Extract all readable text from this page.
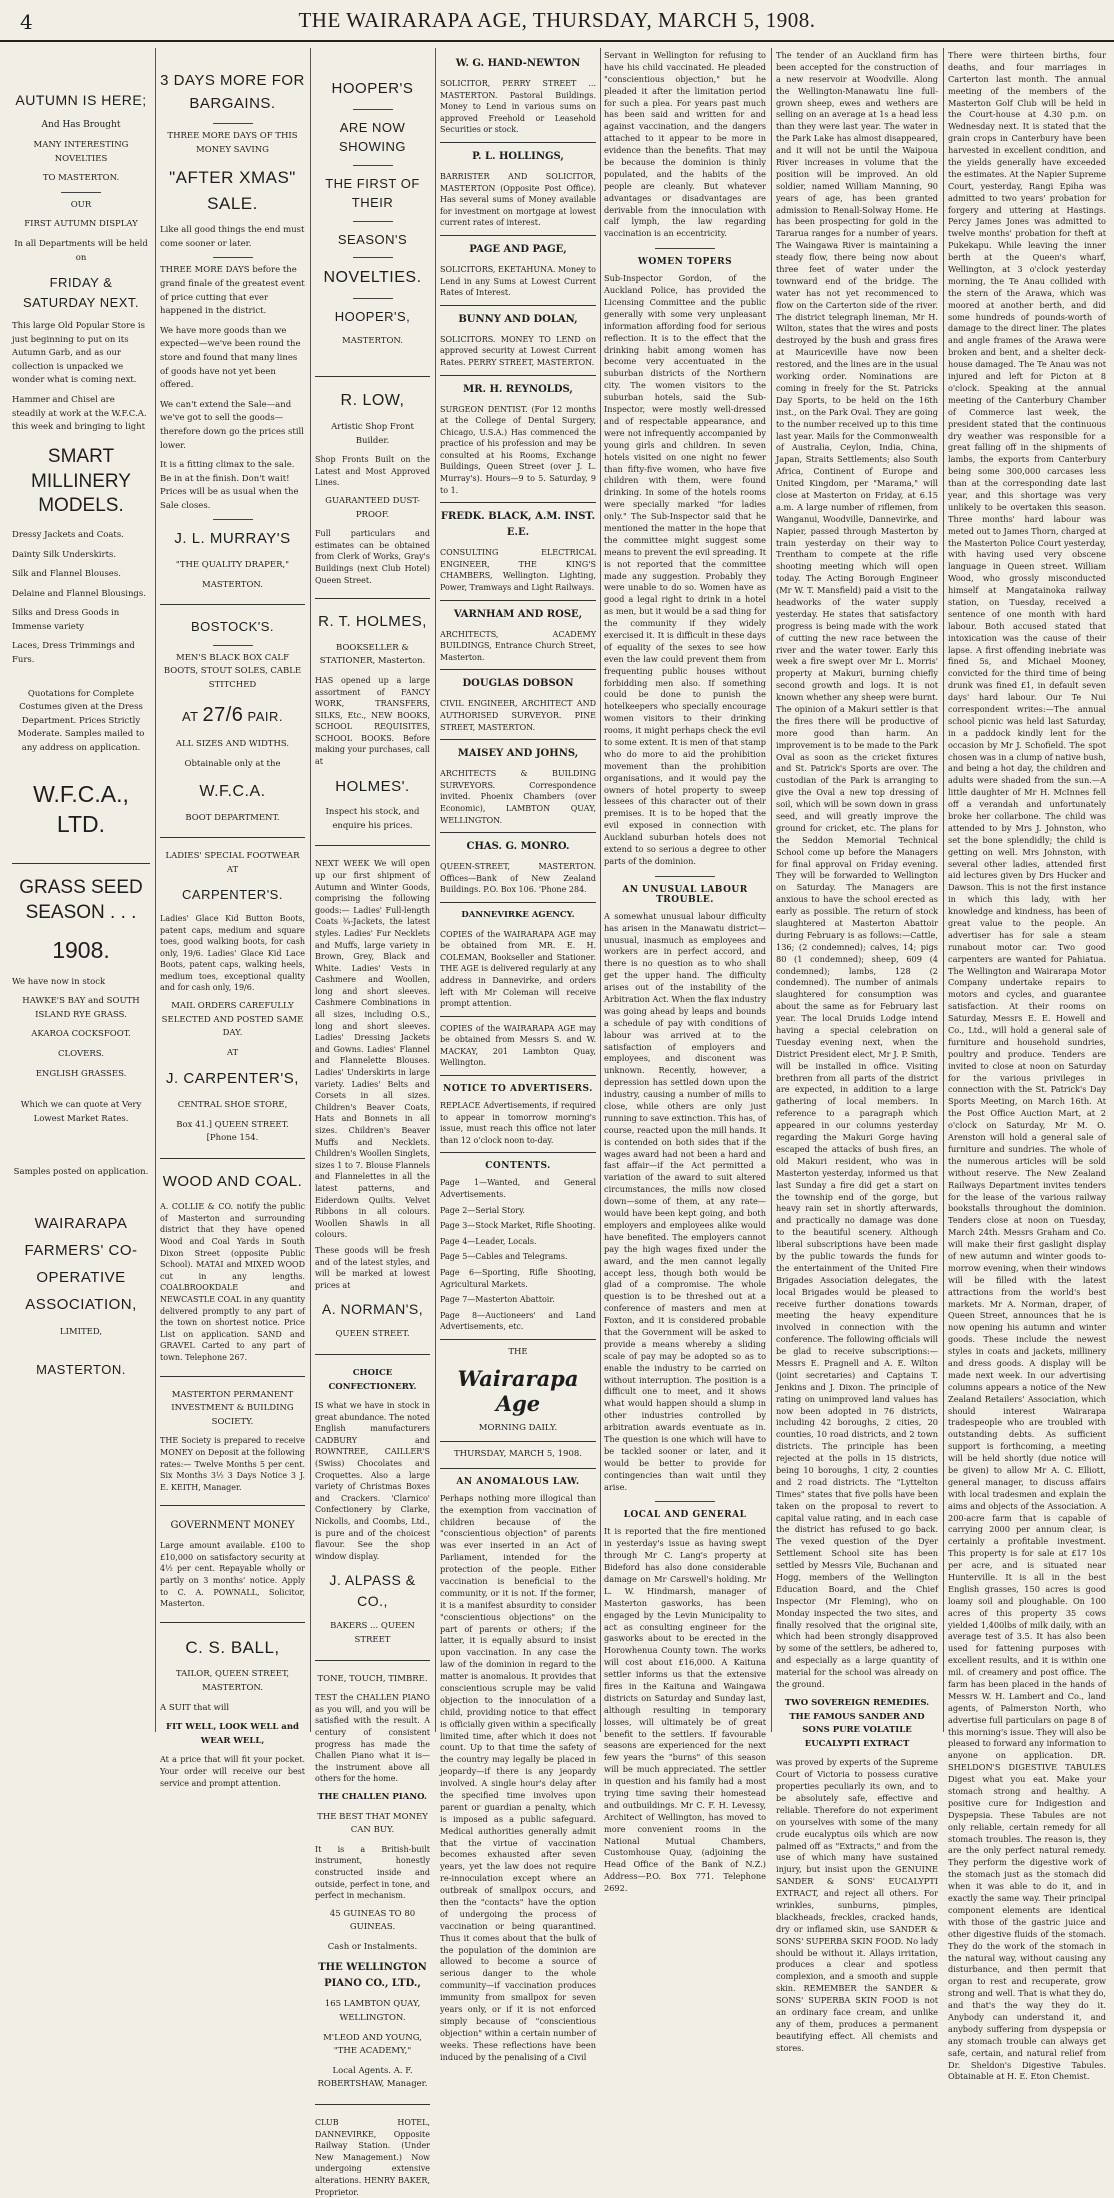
4	THE WAIRARAPA AGE, THURSDAY, MARCH 5, 1908.

AUTUMN IS HERE;

And Has Brought

MANY INTERESTING NOVELTIES

TO MASTERTON.

OUR

FIRST AUTUMN DISPLAY

In all Departments will be held on

FRIDAY & SATURDAY NEXT.

This large Old Popular Store is just beginning to put on its Autumn Garb, and as our collection is unpacked we wonder what is coming next.

Hammer and Chisel are steadily at work at the W.F.C.A. this week and bringing to light

SMART MILLINERY MODELS.

Dressy Jackets and Coats.

Dainty Silk Underskirts.

Silk and Flannel Blouses.

Delaine and Flannel Blousings.

Silks and Dress Goods in Immense variety

Laces, Dress Trimmings and Furs.

Quotations for Complete Costumes given at the Dress Department. Prices Strictly Moderate. Samples mailed to any address on application.

W.F.C.A., LTD.

GRASS SEED SEASON . . .

1908.

We have now in stock

HAWKE'S BAY and SOUTH ISLAND RYE GRASS.

AKAROA COCKSFOOT.

CLOVERS.

ENGLISH GRASSES.

Which we can quote at Very Lowest Market Rates.

Samples posted on application.

WAIRARAPA FARMERS' CO-OPERATIVE ASSOCIATION,

LIMITED,

MASTERTON.

3 DAYS MORE FOR BARGAINS.

THREE MORE DAYS OF THIS MONEY SAVING

"AFTER XMAS" SALE.

Like all good things the end must come sooner or later.

THREE MORE DAYS before the grand finale of the greatest event of price cutting that ever happened in the district.

We have more goods than we expected—we've been round the store and found that many lines of goods have not yet been offered.

We can't extend the Sale—and we've got to sell the goods—therefore down go the prices still lower.

It is a fitting climax to the sale. Be in at the finish. Don't wait! Prices will be as usual when the Sale closes.

J. L. MURRAY'S

"THE QUALITY DRAPER,"

MASTERTON.

BOSTOCK'S.

MEN'S BLACK BOX CALF BOOTS, STOUT SOLES, CABLE STITCHED

AT 27/6 PAIR.

ALL SIZES AND WIDTHS.

Obtainable only at the

W.F.C.A.

BOOT DEPARTMENT.

LADIES' SPECIAL FOOTWEAR AT

CARPENTER'S.

Ladies' Glace Kid Button Boots, patent caps, medium and square toes, good walking boots, for cash only, 19/6. Ladies' Glace Kid Lace Boots, patent caps, walking heels, medium toes, exceptional quality and for cash only, 19/6.

MAIL ORDERS CAREFULLY SELECTED AND POSTED SAME DAY.

AT

J. CARPENTER'S,

CENTRAL SHOE STORE,

Box 41.] QUEEN STREET. [Phone 154.

WOOD AND COAL.

A. COLLIE & CO. notify the public of Masterton and surrounding district that they have opened Wood and Coal Yards in South Dixon Street (opposite Public School). MATAI and MIXED WOOD cut in any lengths. COALBROOKDALE and NEWCASTLE COAL in any quantity delivered promptly to any part of the town on shortest notice. Price List on application. SAND and GRAVEL Carted to any part of town. Telephone 267.

MASTERTON PERMANENT INVESTMENT & BUILDING SOCIETY.

THE Society is prepared to receive MONEY on Deposit at the following rates:— Twelve Months 5 per cent. Six Months 3½ 3 Days Notice 3 J. E. KEITH, Manager.

GOVERNMENT MONEY

Large amount available. £100 to £10,000 on satisfactory security at 4½ per cent. Repayable wholly or partly on 3 months' notice. Apply to C. A. POWNALL, Solicitor, Masterton.

C. S. BALL,

TAILOR, QUEEN STREET, MASTERTON.

A SUIT that will

FIT WELL, LOOK WELL and WEAR WELL,

At a price that will fit your pocket. Your order will receive our best service and prompt attention.

HOOPER'S

ARE NOW SHOWING

THE FIRST OF THEIR

SEASON'S

NOVELTIES.

HOOPER'S,

MASTERTON.

R. LOW,

Artistic Shop Front Builder.

Shop Fronts Built on the Latest and Most Approved Lines.

GUARANTEED DUST-PROOF.

Full particulars and estimates can be obtained from Clerk of Works, Gray's Buildings (next Club Hotel) Queen Street.

R. T. HOLMES,

BOOKSELLER & STATIONER, Masterton.

HAS opened up a large assortment of FANCY WORK, TRANSFERS, SILKS, Etc., NEW BOOKS, SCHOOL REQUISITES, SCHOOL BOOKS. Before making your purchases, call at

HOLMES'.

Inspect his stock, and enquire his prices.

NEXT WEEK We will open up our first shipment of Autumn and Winter Goods, comprising the following goods:— Ladies' Full-length Coats ¾-Jackets, the latest styles. Ladies' Fur Necklets and Muffs, large variety in Brown, Grey, Black and White. Ladies' Vests in Cashmere and Woollen, long and short sleeves. Cashmere Combinations in all sizes, including O.S., long and short sleeves. Ladies' Dressing Jackets and Gowns. Ladies' Flannel and Flannelette Blouses. Ladies' Underskirts in large variety. Ladies' Belts and Corsets in all sizes. Children's Beaver Coats, Hats and Bonnets in all sizes. Children's Beaver Muffs and Necklets. Children's Woollen Singlets, sizes 1 to 7. Blouse Flannels and Flannelettes in all the latest patterns, and Eiderdown Quilts. Velvet Ribbons in all colours. Woollen Shawls in all colours.

These goods will be fresh and of the latest styles, and will be marked at lowest prices at

A. NORMAN'S,

QUEEN STREET.

CHOICE CONFECTIONERY.

IS what we have in stock in great abundance. The noted English manufacturers CADBURY and ROWNTREE, CAILLER'S (Swiss) Chocolates and Croquettes. Also a large variety of Christmas Boxes and Crackers. 'Clarnico' Confectionery by Clarke, Nickolls, and Coombs, Ltd., is pure and of the choicest flavour. See the shop window display.

J. ALPASS & CO.,

BAKERS ... QUEEN STREET

TONE, TOUCH, TIMBRE.

TEST the CHALLEN PIANO as you will, and you will be satisfied with the result. A century of consistent progress has made the Challen Piano what it is—the instrument above all others for the home.

THE CHALLEN PIANO.

THE BEST THAT MONEY CAN BUY.

It is a British-built instrument, honestly constructed inside and outside, perfect in tone, and perfect in mechanism.

45 GUINEAS TO 80 GUINEAS.

Cash or Instalments.

THE WELLINGTON PIANO CO., LTD.,

165 LAMBTON QUAY, WELLINGTON.

M'LEOD AND YOUNG, "THE ACADEMY,"

Local Agents. A. F. ROBERTSHAW, Manager.

CLUB HOTEL, DANNEVIRKE, Opposite Railway Station. (Under New Management.) Now undergoing extensive alterations. HENRY BAKER, Proprietor.

W. G. HAND-NEWTON

SOLICITOR, PERRY STREET ... MASTERTON. Pastoral Buildings. Money to Lend in various sums on approved Freehold or Leasehold Securities or stock.

P. L. HOLLINGS,

BARRISTER AND SOLICITOR, MASTERTON (Opposite Post Office). Has several sums of Money available for investment on mortgage at lowest current rates of interest.

PAGE AND PAGE,

SOLICITORS, EKETAHUNA. Money to Lend in any Sums at Lowest Current Rates of Interest.

BUNNY AND DOLAN,

SOLICITORS. MONEY TO LEND on approved security at Lowest Current Rates. PERRY STREET, MASTERTON.

MR. H. REYNOLDS,

SURGEON DENTIST. (For 12 months at the College of Dental Surgery, Chicago, U.S.A.) Has commenced the practice of his profession and may be consulted at his Rooms, Exchange Buildings, Queen Street (over J. L. Murray's). Hours—9 to 5. Saturday, 9 to 1.

FREDK. BLACK, A.M. INST. E.E.

CONSULTING ELECTRICAL ENGINEER, THE KING'S CHAMBERS, Wellington. Lighting, Power, Tramways and Light Railways.

VARNHAM AND ROSE,

ARCHITECTS, ACADEMY BUILDINGS, Entrance Church Street, Masterton.

DOUGLAS DOBSON

CIVIL ENGINEER, ARCHITECT AND AUTHORISED SURVEYOR. PINE STREET, MASTERTON.

MAISEY AND JOHNS,

ARCHITECTS & BUILDING SURVEYORS. Correspondence invited. Phoenix Chambers (over Economic), LAMBTON QUAY, WELLINGTON.

CHAS. G. MONRO.

QUEEN-STREET, MASTERTON. Offices—Bank of New Zealand Buildings. P.O. Box 106. 'Phone 284.

DANNEVIRKE AGENCY.

COPIES of the WAIRARAPA AGE may be obtained from MR. E. H. COLEMAN, Bookseller and Stationer. THE AGE is delivered regularly at any address in Dannevirke, and orders left with Mr Coleman will receive prompt attention.

COPIES of the WAIRARAPA AGE may be obtained from Messrs S. and W. MACKAY, 201 Lambton Quay, Wellington.

NOTICE TO ADVERTISERS.

REPLACE Advertisements, if required to appear in tomorrow morning's issue, must reach this office not later than 12 o'clock noon to-day.

CONTENTS.

Page 1—Wanted, and General Advertisements.

Page 2—Serial Story.

Page 3—Stock Market, Rifle Shooting.

Page 4—Leader, Locals.

Page 5—Cables and Telegrams.

Page 6—Sporting, Rifle Shooting, Agricultural Markets.

Page 7—Masterton Abattoir.

Page 8—Auctioneers' and Land Advertisements, etc.

THE

Wairarapa Age

MORNING DAILY.

THURSDAY, MARCH 5, 1908.

AN ANOMALOUS LAW.

Perhaps nothing more illogical than the exemption from vaccination of children because of the "conscientious objection" of parents was ever inserted in an Act of Parliament, intended for the protection of the people. Either vaccination is beneficial to the community, or it is not. If the former, it is a manifest absurdity to consider "conscientious objections" on the part of parents or others; if the latter, it is equally absurd to insist upon vaccination. In any case the law of the dominion in regard to the matter is anomalous. It provides that conscientious scruple may be valid objection to the innoculation of a child, providing notice to that effect is officially given within a specifically limited time, after which it does not count. Up to that time the safety of the country may legally be placed in jeopardy—if there is any jeopardy involved. A single hour's delay after the specified time involves upon parent or guardian a penalty, which is imposed as a public safeguard. Medical authorities generally admit that the virtue of vaccination becomes exhausted after seven years, yet the law does not require re-innoculation except where an outbreak of smallpox occurs, and then the "contacts" have the option of undergoing the process of vaccination or being quarantined. Thus it comes about that the bulk of the population of the dominion are allowed to become a source of serious danger to the whole community—if vaccination produces immunity from smallpox for seven years only, or if it is not enforced simply because of "conscientious objection" within a certain number of weeks. These reflections have been induced by the penalising of a Civil

Servant in Wellington for refusing to have his child vaccinated. He pleaded "conscientious objection," but he pleaded it after the limitation period for such a plea. For years past much has been said and written for and against vaccination, and the dangers attached to it appear to be more in evidence than the benefits. That may be because the dominion is thinly populated, and the habits of the people are cleanly. But whatever advantages or disadvantages are derivable from the innoculation with calf lymph, the law regarding vaccination is an eccentricity.

WOMEN TOPERS

Sub-Inspector Gordon, of the Auckland Police, has provided the Licensing Committee and the public generally with some very unpleasant information affording food for serious reflection. It is to the effect that the drinking habit among women has become very accentuated in the suburban districts of the Northern city. The women visitors to the suburban hotels, said the Sub-Inspector, were mostly well-dressed and of respectable appearance, and were not infrequently accompanied by young girls and children. In seven hotels visited on one night no fewer than fifty-five women, who have five children with them, were found drinking. In some of the hotels rooms were specially marked "for ladies only." The Sub-Inspector said that he mentioned the matter in the hope that the committee might suggest some means to prevent the evil spreading. It is not reported that the committee made any suggestion. Probably they were unable to do so. Women have as good a legal right to drink in a hotel as men, but it would be a sad thing for the community if they widely exercised it. It is difficult in these days of equality of the sexes to see how even the law could prevent them from frequenting public houses without forbidding men also. If something could be done to punish the hotelkeepers who specially encourage women visitors to their drinking rooms, it might perhaps check the evil to some extent. It is men of that stamp who do more to aid the prohibition movement than the prohibition organisations, and it would pay the owners of hotel property to sweep lessees of this character out of their premises. It is to be hoped that the evil exposed in connection with Auckland suburban hotels does not extend to so serious a degree to other parts of the dominion.

AN UNUSUAL LABOUR TROUBLE.

A somewhat unusual labour difficulty has arisen in the Manawatu district—unusual, inasmuch as employees and workers are in perfect accord, and there is no question as to who shall get the upper hand. The difficulty arises out of the instability of the Arbitration Act. When the flax industry was going ahead by leaps and bounds a schedule of pay with conditions of labour was arrived at to the satisfaction of employers and employees, and disconent was unknown. Recently, however, a depression has settled down upon the industry, causing a number of mills to close, while others are only just running to save extinction. This has, of course, reacted upon the mill hands. It is contended on both sides that if the wages award had not been a hard and fast affair—if the Act permitted a variation of the award to suit altered circumstances, the mills now closed down—some of them, at any rate—would have been kept going, and both employers and employees alike would have benefited. The employers cannot pay the high wages fixed under the award, and the men cannot legally accept less, though both would be glad of a compromise. The whole question is to be threshed out at a conference of masters and men at Foxton, and it is considered probable that the Government will be asked to provide a means whereby a sliding scale of pay may be adopted so as to enable the industry to be carried on without interruption. The position is a difficult one to meet, and it shows what would happen should a slump in other industries controlled by arbitration awards eventuate as in. The question is one which will have to be tackled sooner or later, and it would be better to provide for contingencies than wait until they arise.

LOCAL AND GENERAL

It is reported that the fire mentioned in yesterday's issue as having swept through Mr C. Lang's property at Bideford has also done considerable damage on Mr Carswell's holding. Mr L. W. Hindmarsh, manager of Masterton gasworks, has been engaged by the Levin Municipality to act as consulting engineer for the gasworks about to be erected in the Horowhenua County town. The works will cost about £16,000. A Kaituna settler informs us that the extensive fires in the Kaituna and Waingawa districts on Saturday and Sunday last, although resulting in temporary losses, will ultimately be of great benefit to the settlers. If favourable seasons are experienced for the next few years the "burns" of this season will be much appreciated. The settler in question and his family had a most trying time saving their homestead and outbuildings. Mr C. F. H. Levessy, Architect of Wellington, has moved to more convenient rooms in the National Mutual Chambers, Customhouse Quay, (adjoining the Head Office of the Bank of N.Z.) Address—P.O. Box 771. Telephone 2692.

The tender of an Auckland firm has been accepted for the construction of a new reservoir at Woodville. Along the Wellington-Manawatu line full-grown sheep, ewes and wethers are selling on an average at 1s a head less than they were last year. The water in the Park Lake has almost disappeared, and it will not be until the Waipoua River increases in volume that the position will be improved. An old soldier, named William Manning, 90 years of age, has been granted admission to Renall-Solway Home. He has been prospecting for gold in the Tararua ranges for a number of years. The Waingawa River is maintaining a steady flow, there being now about three feet of water under the townward end of the bridge. The water has not yet recommenced to flow on the Carterton side of the river. The district telegraph lineman, Mr H. Wilton, states that the wires and posts destroyed by the bush and grass fires at Mauriceville have now been restored, and the lines are in the usual working order. Nominations are coming in freely for the St. Patricks Day Sports, to be held on the 16th inst., on the Park Oval. They are going to the number received up to this time last year. Mails for the Commonwealth of Australia, Ceylon, India, China, Japan, Straits Settlements; also South Africa, Continent of Europe and United Kingdom, per "Marama," will close at Masterton on Friday, at 6.15 a.m. A large number of riflemen, from Wanganui, Woodville, Dannevirke, and Napier, passed through Masterton by train yesterday on their way to Trentham to compete at the rifle shooting meeting which will open today. The Acting Borough Engineer (Mr W. T. Mansfield) paid a visit to the headworks of the water supply yesterday. He states that satisfactory progress is being made with the work of cutting the new race between the river and the water tower. Early this week a fire swept over Mr L. Morris' property at Makuri, burning chiefly second growth and logs. It is not known whether any sheep were burnt. The opinion of a Makuri settler is that the fires there will be productive of more good than harm. An improvement is to be made to the Park Oval as soon as the cricket fixtures and St. Patrick's Sports are over. The custodian of the Park is arranging to give the Oval a new top dressing of soil, which will be sown down in grass seed, and will greatly improve the ground for cricket, etc. The plans for the Seddon Memorial Technical School come up before the Managers for final approval on Friday evening. They will be forwarded to Wellington on Saturday. The Managers are anxious to have the school erected as early as possible. The return of stock slaughtered at Masterton Abattoir during February is as follows:—Cattle, 136; (2 condemned); calves, 14; pigs 80 (1 condemned); sheep, 609 (4 condemned); lambs, 128 (2 condemned). The number of animals slaughtered for consumption was about the same as for February last year. The local Druids Lodge intend having a special celebration on Tuesday evening next, when the District President elect, Mr J. P. Smith, will be installed in office. Visiting brethren from all parts of the district are expected, in addition to a large gathering of local members. In reference to a paragraph which appeared in our columns yesterday regarding the Makuri Gorge having escaped the attacks of bush fires, an old Makuri resident, who was in Masterton yesterday, informed us that last Sunday a fire did get a start on the township end of the gorge, but heavy rain set in shortly afterwards, and practically no damage was done to the beautiful scenery. Although liberal subscriptions have been made by the public towards the funds for the entertainment of the United Fire Brigades Association delegates, the local Brigades would be pleased to receive further donations towards meeting the heavy expenditure involved in connection with the conference. The following officials will be glad to receive subscriptions:—Messrs E. Pragnell and A. E. Wilton (joint secretaries) and Captains T. Jenkins and J. Dixon. The principle of rating on unimproved land values has now been adopted in 76 districts, including 42 boroughs, 2 cities, 20 counties, 10 road districts, and 2 town districts. The principle has been rejected at the polls in 15 districts, being 10 boroughs, 1 city, 2 counties and 2 road districts. The "Lyttelton Times" states that five polls have been taken on the proposal to revert to capital value rating, and in each case the district has refused to go back. The vexed question of the Dyer Settlement School site has been settled by Messrs Vile, Buchanan and Hogg, members of the Wellington Education Board, and the Chief Inspector (Mr Fleming), who on Monday inspected the two sites, and finally resolved that the original site, which had been strongly disapproved by some of the settlers, be adhered to, and especially as a large quantity of material for the school was already on the ground.

TWO SOVEREIGN REMEDIES. THE FAMOUS SANDER AND SONS PURE VOLATILE EUCALYPTI EXTRACT

was proved by experts of the Supreme Court of Victoria to possess curative properties peculiarly its own, and to be absolutely safe, effective and reliable. Therefore do not experiment on yourselves with some of the many crude eucalyptus oils which are now palmed off as "Extracts," and from the use of which many have sustained injury, but insist upon the GENUINE SANDER & SONS' EUCALYPTI EXTRACT, and reject all others. For wrinkles, sunburns, pimples, blackheads, freckles, cracked hands, dry or inflamed skin, use SANDER & SONS' SUPERBA SKIN FOOD. No lady should be without it. Allays irritation, produces a clear and spotless complexion, and a smooth and supple skin. REMEMBER the SANDER & SONS' SUPERBA SKIN FOOD is not an ordinary face cream, and unlike any of them, produces a permanent beautifying effect. All chemists and stores.

There were thirteen births, four deaths, and four marriages in Carterton last month. The annual meeting of the members of the Masterton Golf Club will be held in the Court-house at 4.30 p.m. on Wednesday next. It is stated that the grain crops in Canterbury have been harvested in excellent condition, and the yields generally have exceeded the estimates. At the Napier Supreme Court, yesterday, Rangi Epiha was admitted to two years' probation for forgery and uttering at Hastings. Percy James Jones was admitted to twelve months' probation for theft at Pukekapu. While leaving the inner berth at the Queen's wharf, Wellington, at 3 o'clock yesterday morning, the Te Anau collided with the stern of the Arawa, which was moored at another berth, and did some hundreds of pounds-worth of damage to the direct liner. The plates and angle frames of the Arawa were broken and bent, and a shelter deck-house damaged. The Te Anau was not injured and left for Picton at 8 o'clock. Speaking at the annual meeting of the Canterbury Chamber of Commerce last week, the president stated that the continuous dry weather was responsible for a great falling off in the shipments of lambs, the exports from Canterbury being some 300,000 carcases less than at the corresponding date last year, and this shortage was very unlikely to be overtaken this season. Three months' hard labour was meted out to James Thorn, charged at the Masterton Police Court yesterday, with having used very obscene language in Queen street. William Wood, who grossly misconducted himself at Mangatainoka railway station, on Tuesday, received a sentence of one month with hard labour. Both accused stated that intoxication was the cause of their lapse. A first offending inebriate was fined 5s, and Michael Mooney, convicted for the third time of being drunk was fined £1, in default seven days' hard labour. Our Te Nui correspondent writes:—The annual school picnic was held last Saturday, in a paddock kindly lent for the occasion by Mr J. Schofield. The spot chosen was in a clump of native bush, and being a hot day, the children and adults were shaded from the sun.—A little daughter of Mr H. McInnes fell off a verandah and unfortunately broke her collarbone. The child was attended to by Mrs J. Johnston, who set the bone splendidly; the child is getting on well. Mrs Johnston, with several other ladies, attended first aid lectures given by Drs Hucker and Dawson. This is not the first instance in which this lady, with her knowledge and kindness, has been of great value to the people. An advertiser has for sale a steam runabout motor car. Two good carpenters are wanted for Pahiatua. The Wellington and Wairarapa Motor Company undertake repairs to motors and cycles, and guarantee satisfaction. At their rooms on Saturday, Messrs E. E. Howell and Co., Ltd., will hold a general sale of furniture and household sundries, poultry and produce. Tenders are invited to close at noon on Saturday for the various privileges in connection with the St. Patrick's Day Sports Meeting, on March 16th. At the Post Office Auction Mart, at 2 o'clock on Saturday, Mr M. O. Arenston will hold a general sale of furniture and sundries. The whole of the numerous articles will be sold without reserve. The New Zealand Railways Department invites tenders for the lease of the various railway bookstalls throughout the dominion. Tenders close at noon on Tuesday, March 24th. Messrs Graham and Co. will make their first gaslight display of new autumn and winter goods to-morrow evening, when their windows will be filled with the latest attractions from the world's best markets. Mr A. Norman, draper, of Queen Street, announces that he is now opening his autumn and winter goods. These include the newest styles in coats and jackets, millinery and dress goods. A display will be made next week. In our advertising columns appears a notice of the New Zealand Retailers' Association, which should interest Wairarapa tradespeople who are troubled with outstanding debts. As sufficient support is forthcoming, a meeting will be held shortly (due notice will be given) to allow Mr A. C. Elliott, general manager, to discuss affairs with local tradesmen and explain the aims and objects of the Association. A 200-acre farm that is capable of carrying 2000 per annum clear, is certainly a profitable investment. This property is for sale at £17 10s per acre, and is situated near Hunterville. It is all in the best English grasses, 150 acres is good loamy soil and ploughable. On 100 acres of this property 35 cows yielded 1,400lbs of milk daily, with an average test of 3.5. It has also been used for fattening purposes with excellent results, and it is within one mil. of creamery and post office. The farm has been placed in the hands of Messrs W. H. Lambert and Co., land agents, of Palmerston North, who advertise full particulars on page 8 of this morning's issue. They will also be pleased to forward any information to anyone on application. DR. SHELDON'S DIGESTIVE TABULES Digest what you eat. Make your stomach strong and healthy. A positive cure for Indigestion and Dyspepsia. These Tabules are not only reliable, certain remedy for all stomach troubles. The reason is, they are the only perfect natural remedy. They perform the digestive work of the stomach just as the stomach did when it was able to do it, and in exactly the same way. Their principal component elements are identical with those of the gastric juice and other digestive fluids of the stomach. They do the work of the stomach in the natural way, without causing any disturbance, and then permit that organ to rest and recuperate, grow strong and well. That is what they do, and that's the way they do it. Anybody can understand it, and anybody suffering from dyspepsia or any stomach trouble can always get safe, certain, and natural relief from Dr. Sheldon's Digestive Tabules. Obtainable at H. E. Eton Chemist.
